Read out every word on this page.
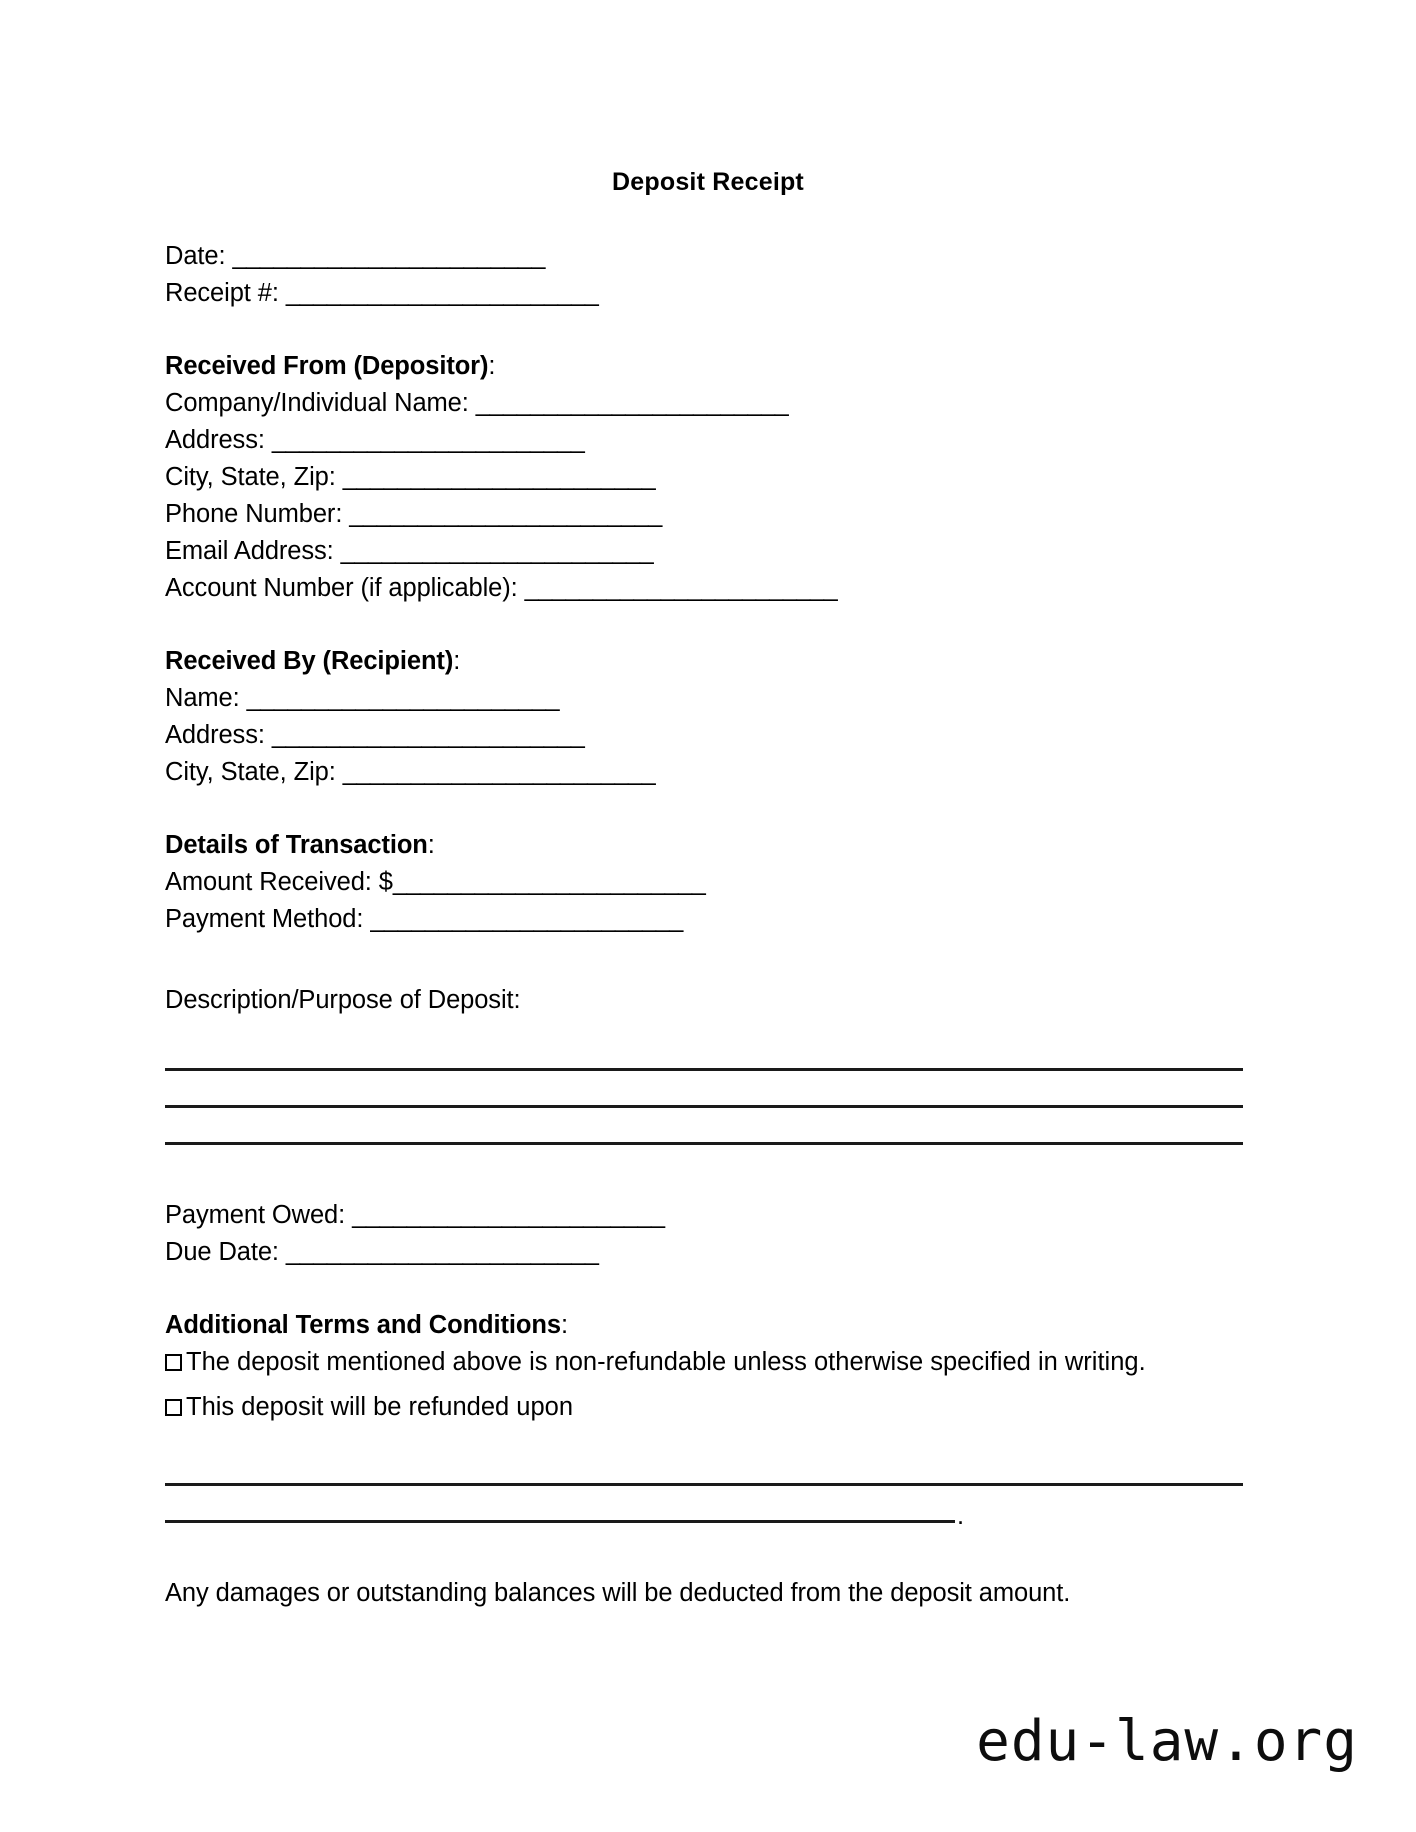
Deposit Receipt
Date: _______________________
Receipt #: _______________________
Received From (Depositor):
Company/Individual Name: _______________________
Address: _______________________
City, State, Zip: _______________________
Phone Number: _______________________
Email Address: _______________________
Account Number (if applicable): _______________________
Received By (Recipient):
Name: _______________________
Address: _______________________
City, State, Zip: _______________________
Details of Transaction:
Amount Received: $_______________________
Payment Method: _______________________
Description/Purpose of Deposit:
Payment Owed: _______________________
Due Date: _______________________
Additional Terms and Conditions:
The deposit mentioned above is non-refundable unless otherwise specified in writing.
This deposit will be refunded upon
.
Any damages or outstanding balances will be deducted from the deposit amount.
edu-law.org
